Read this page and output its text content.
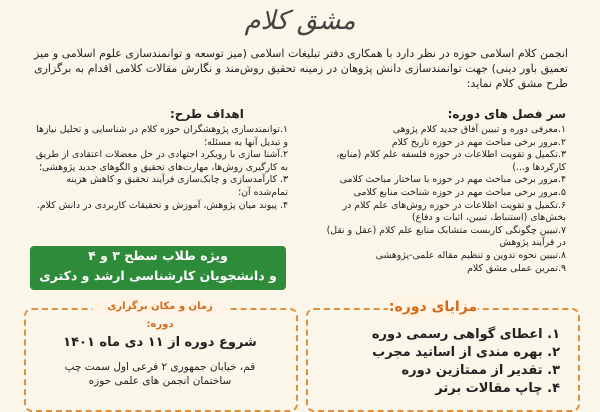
مشق کلام
انجمن کلام اسلامی حوزه در نظر دارد با همکاری دفتر تبلیغات اسلامی (میز توسعه و توانمندسازی علوم اسلامی و میز تعمیق باور دینی) جهت توانمندسازی دانش پژوهان در زمینه تحقیق روش‌مند و نگارش مقالات کلامی اقدام به برگزاری طرح مشق کلام نماید:
سر فصل های دوره:
۱.معرفی دوره و تبیین آفاق جدید کلام پژوهی
۲.مرور برخی مباحث مهم در حوزه تاریخ کلام
۳.تکمیل و تقویت اطلاعات در حوزه فلسفه علم کلام (منابع، کارکردها و...)
۴.مرور برخی مباحث مهم در حوزه با ساختار مباحث کلامی
۵.مرور برخی مباحث مهم در حوزه شناخت منابع کلامی
۶.تکمیل و تقویت اطلاعات در حوزه روش‌های علم کلام در بخش‌های (استنباط، تبیین، اثبات و دفاع)
۷.تبیین چگونگی کاربست متشابک منابع علم کلام (عقل و نقل) در فرآیند پژوهش
۸.تبیین نحوه تدوین و تنظیم مقاله علمی-پژوهشی
۹.تمرین عملی مشق کلام
اهداف طرح:
۱.توانمندسازی پژوهشگران حوزه کلام در شناسایی و تحلیل نیازها و تبدیل آنها به مسئله؛
۲.آشنا سازی با رویکرد اجتهادی در حل معضلات اعتقادی از طریق به کارگیری روش‌ها، مهارت‌های تحقیق و الگوهای جدید پژوهشی؛
۳. کارآمدسازی و چابک‌سازی فرآیند تحقیق و کاهش هزینه تمام‌شده آن؛
۴. پیوند میان پژوهش، آموزش و تحقیقات کاربردی در دانش کلام.
ویژه طلاب سطح ۳ و ۴
و دانشجویان کارشناسی ارشد و دکتری
زمان و مکان برگزاری دوره:
شروع دوره از ۱۱ دی ماه ۱۴۰۱
قم، خیابان جمهوری ۲ فرعی اول سمت چپ
ساختمان انجمن های علمی حوزه
مزایای دوره:
۱. اعطای گواهی رسمی دوره
۲. بهره مندی از اساتید مجرب
۳. تقدیر از ممتازین دوره
۴. چاپ مقالات برتر
